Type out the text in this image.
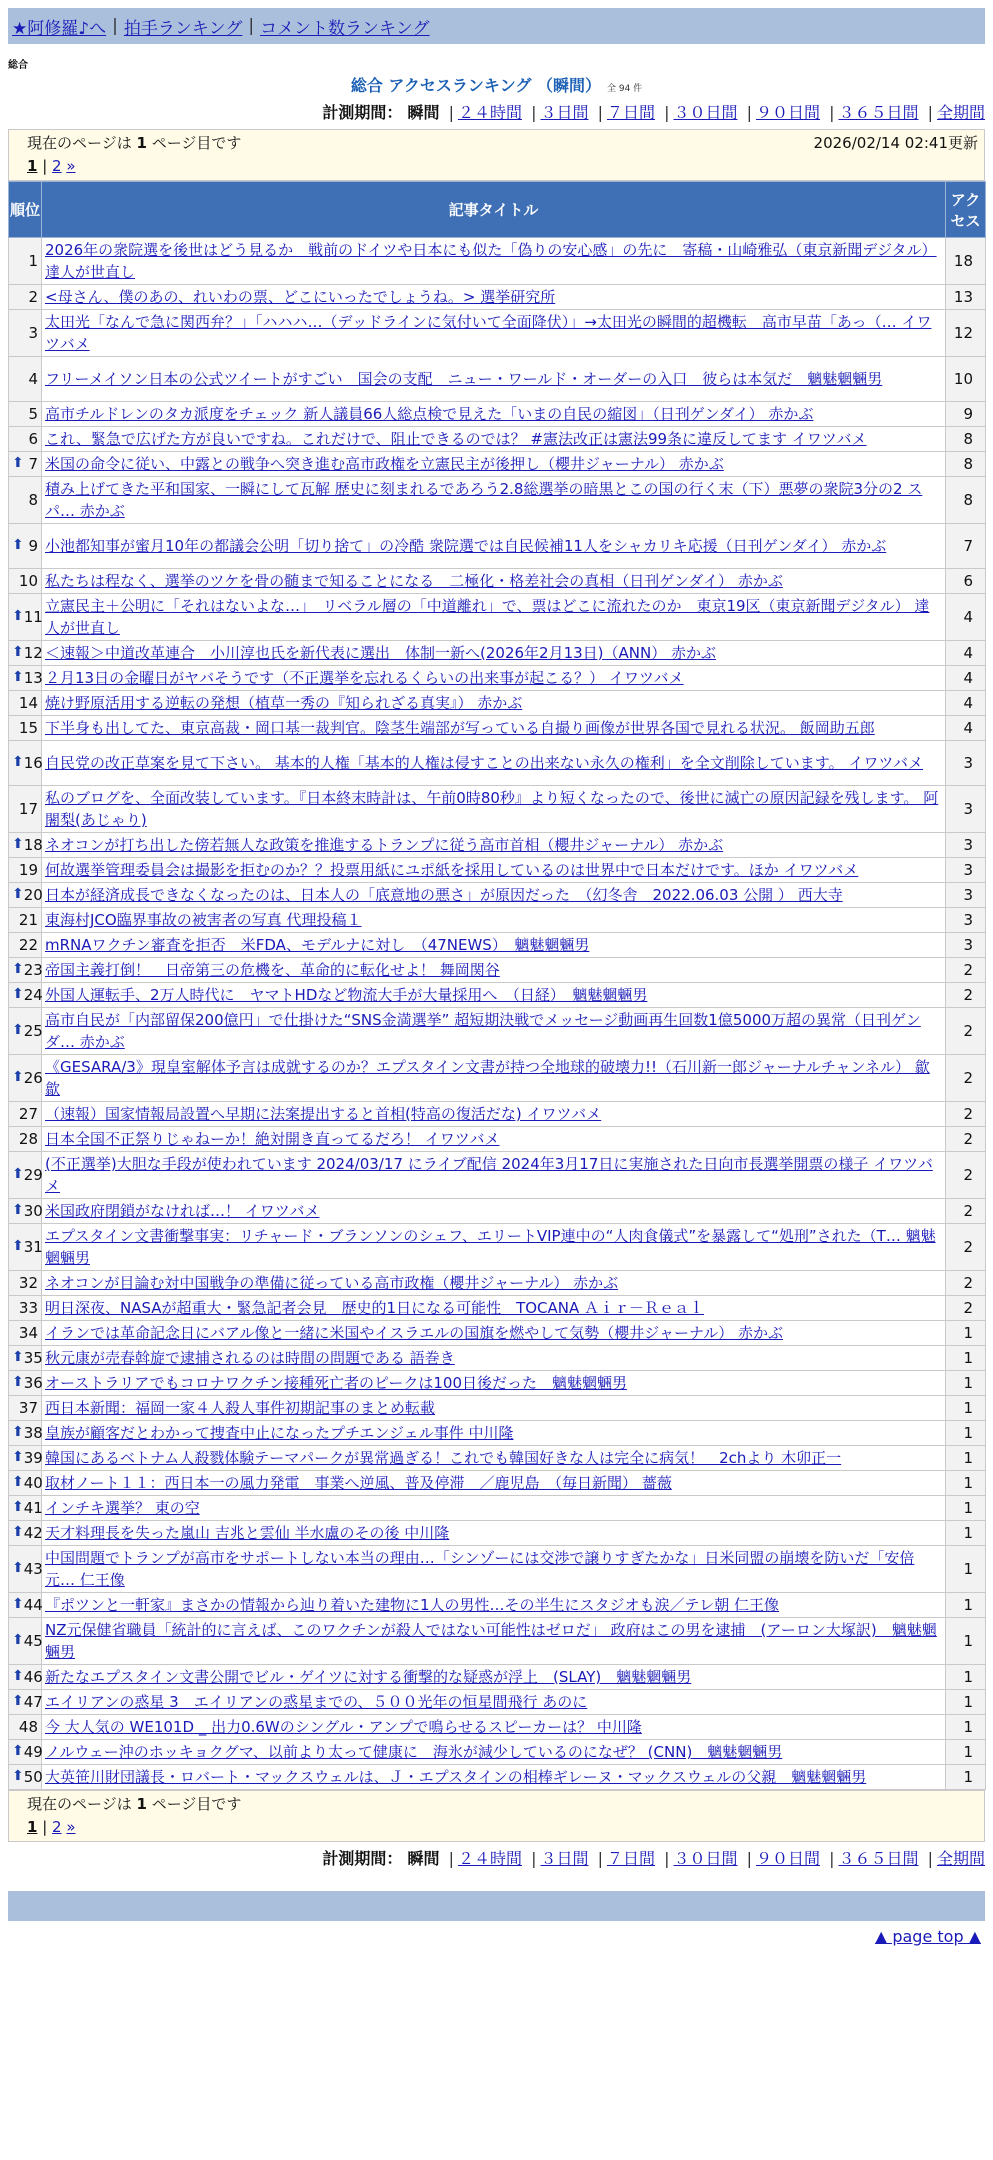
★阿修羅♪へ | 拍手ランキング | コメント数ランキング
総合
総合 アクセスランキング （瞬間） 全 94 件
計測期間： 瞬間 | ２４時間 | ３日間 | ７日間 | ３０日間 | ９０日間 | ３６５日間 | 全期間
現在のページは 1 ページ目です	2026/02/14 02:41更新
1 | 2 »
順位	記事タイトル	アクセス
1	2026年の衆院選を後世はどう見るか　戦前のドイツや日本にも似た「偽りの安心感」の先に　寄稿・山崎雅弘（東京新聞デジタル） 達人が世直し	18
2	<母さん、僕のあの、れいわの票、どこにいったでしょうね。> 選挙研究所	13
3	太田光「なんで急に関西弁？」「ハハハ…（デッドラインに気付いて全面降伏）」→太田光の瞬間的超機転　高市早苗「あっ（… イワツバメ	12
4	フリーメイソン日本の公式ツイートがすごい　国会の支配　ニュー・ワールド・オーダーの入口　彼らは本気だ　魑魅魍魎男	10
5	高市チルドレンのタカ派度をチェック 新人議員66人総点検で見えた「いまの自民の縮図」（日刊ゲンダイ） 赤かぶ	9
6	これ、緊急で広げた方が良いですね。これだけで、阻止できるのでは？ #憲法改正は憲法99条に違反してます イワツバメ	8

⬆ 7	米国の命令に従い、中露との戦争へ突き進む高市政権を立憲民主が後押し（櫻井ジャーナル） 赤かぶ	8
8	積み上げてきた平和国家、一瞬にして瓦解 歴史に刻まれるであろう2.8総選挙の暗黒とこの国の行く末（下）悪夢の衆院3分の2 スパ… 赤かぶ	8

⬆ 9	小池都知事が蜜月10年の都議会公明「切り捨て」の冷酷 衆院選では自民候補11人をシャカリキ応援（日刊ゲンダイ） 赤かぶ	7
10	私たちは程なく、選挙のツケを骨の髄まで知ることになる　二極化・格差社会の真相（日刊ゲンダイ） 赤かぶ	6

⬆ 11	立憲民主＋公明に「それはないよな…」　リベラル層の「中道離れ」で、票はどこに流れたのか　東京19区（東京新聞デジタル） 達人が世直し	4

⬆ 12	＜速報＞中道改革連合　小川淳也氏を新代表に選出　体制一新へ(2026年2月13日)（ANN） 赤かぶ	4

⬆ 13	２月13日の金曜日がヤバそうです（不正選挙を忘れるくらいの出来事が起こる？） イワツバメ	4
14	焼け野原活用する逆転の発想（植草一秀の『知られざる真実』） 赤かぶ	4
15	下半身も出してた、東京高裁・岡口基一裁判官。陰茎生端部が写っている自撮り画像が世界各国で見れる状況。 飯岡助五郎	4

⬆ 16	自民党の改正草案を見て下さい。 基本的人権「基本的人権は侵すことの出来ない永久の権利」を全文削除しています。 イワツバメ	3
17	私のブログを、全面改装しています。『日本終末時計は、午前0時80秒』より短くなったので、後世に滅亡の原因記録を残します。 阿闍梨(あじゃり)	3

⬆ 18	ネオコンが打ち出した傍若無人な政策を推進するトランプに従う高市首相（櫻井ジャーナル） 赤かぶ	3
19	何故選挙管理委員会は撮影を拒むのか？？投票用紙にユポ紙を採用しているのは世界中で日本だけです。ほか イワツバメ	3

⬆ 20	日本が経済成長できなくなったのは、日本人の「底意地の悪さ」が原因だった　（幻冬舎　2022.06.03 公開 ） 西大寺	3
21	東海村JCO臨界事故の被害者の写真 代理投稿１	3
22	mRNAワクチン審査を拒否　米FDA、モデルナに対し　（47NEWS）　魑魅魍魎男	3

⬆ 23	帝国主義打倒！　日帝第三の危機を、革命的に転化せよ！ 舞岡関谷	2

⬆ 24	外国人運転手、2万人時代に　ヤマトHDなど物流大手が大量採用へ　（日経）　魑魅魍魎男	2

⬆ 25	高市自民が「内部留保200億円」で仕掛けた“SNS金満選挙” 超短期決戦でメッセージ動画再生回数1億5000万超の異常（日刊ゲンダ… 赤かぶ	2

⬆ 26	《GESARA/3》現皇室解体予言は成就するのか？エプスタイン文書が持つ全地球的破壊力!!（石川新一郎ジャーナルチャンネル） 歙歙	2
27	（速報）国家情報局設置へ早期に法案提出すると首相(特高の復活だな) イワツバメ	2
28	日本全国不正祭りじゃねーか！絶対開き直ってるだろ！ イワツバメ	2

⬆ 29	(不正選挙)大胆な手段が使われています 2024/03/17 にライブ配信 2024年3月17日に実施された日向市長選挙開票の様子 イワツバメ	2

⬆ 30	米国政府閉鎖がなければ…！ イワツバメ	2

⬆ 31	エプスタイン文書衝撃事実：リチャード・ブランソンのシェフ、エリートVIP連中の“人肉食儀式”を暴露して“処刑”された（T… 魑魅魍魎男	2
32	ネオコンが目論む対中国戦争の準備に従っている高市政権（櫻井ジャーナル） 赤かぶ	2
33	明日深夜、NASAが超重大・緊急記者会見　歴史的1日になる可能性　TOCANA Ａｉｒ－Ｒｅａｌ	2
34	イランでは革命記念日にバアル像と一緒に米国やイスラエルの国旗を燃やして気勢（櫻井ジャーナル） 赤かぶ	1

⬆ 35	秋元康が売春斡旋で逮捕されるのは時間の問題である 語巻き	1

⬆ 36	オーストラリアでもコロナワクチン接種死亡者のピークは100日後だった　魑魅魍魎男	1
37	西日本新聞：福岡一家４人殺人事件初期記事のまとめ転載	1

⬆ 38	皇族が顧客だとわかって捜査中止になったプチエンジェル事件 中川隆	1

⬆ 39	韓国にあるベトナム人殺戮体験テーマパークが異常過ぎる！これでも韓国好きな人は完全に病気！　2chより 木卯正一	1

⬆ 40	取材ノート１１：西日本一の風力発電　事業へ逆風、普及停滞　／鹿児島　（毎日新聞） 薔薇	1

⬆ 41	インチキ選挙？ 東の空	1

⬆ 42	天才料理長を失った嵐山 吉兆と雲仙 半水盧のその後 中川隆	1

⬆ 43	中国問題でトランプが高市をサポートしない本当の理由…「シンゾーには交渉で譲りすぎたかな」日米同盟の崩壊を防いだ「安倍元… 仁王像	1

⬆ 44	『ポツンと一軒家』まさかの情報から辿り着いた建物に1人の男性…その半生にスタジオも涙／テレ朝 仁王像	1

⬆ 45	NZ元保健省職員「統計的に言えば、このワクチンが殺人ではない可能性はゼロだ」 政府はこの男を逮捕　(アーロン大塚訳)　魑魅魍魎男	1

⬆ 46	新たなエプスタイン文書公開でビル・ゲイツに対する衝撃的な疑惑が浮上　(SLAY)　魑魅魍魎男	1

⬆ 47	エイリアンの惑星 3　エイリアンの惑星までの、５００光年の恒星間飛行 あのに	1
48	今 大人気の WE101D _ 出力0.6Wのシングル・アンプで鳴らせるスピーカーは？ 中川隆	1

⬆ 49	ノルウェー沖のホッキョクグマ、以前より太って健康に　海氷が減少しているのになぜ？ (CNN)　魑魅魍魎男	1

⬆ 50	大英笹川財団議長・ロバート・マックスウェルは、Ｊ・エプスタインの相棒ギレーヌ・マックスウェルの父親　魑魅魍魎男	1
現在のページは 1 ページ目です
1 | 2 »
計測期間： 瞬間 | ２４時間 | ３日間 | ７日間 | ３０日間 | ９０日間 | ３６５日間 | 全期間
▲ page top ▲
